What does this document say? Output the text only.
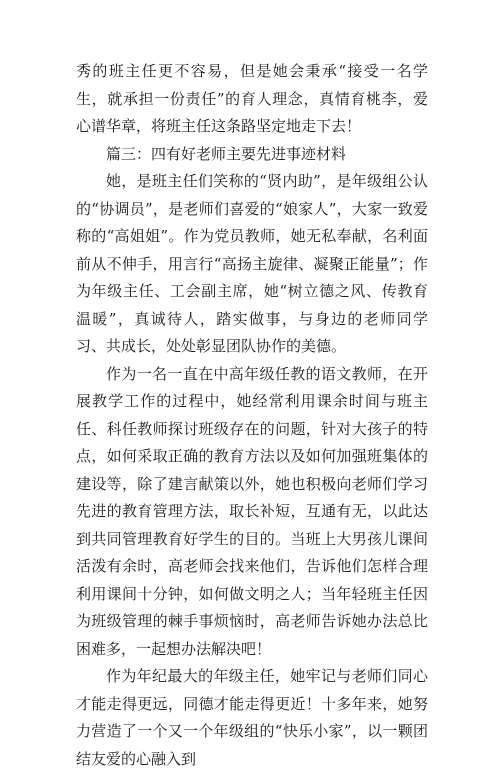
秀的班主任更不容易，但是她会秉承“接受一名学生，就承担一份责任”的育人理念，真情育桃李，爱心谱华章，将班主任这条路坚定地走下去！

篇三：四有好老师主要先进事迹材料

她，是班主任们笑称的“贤内助”，是年级组公认的“协调员”，是老师们喜爱的“娘家人”，大家一致爱称的“高姐姐”。作为党员教师，她无私奉献，名利面前从不伸手，用言行“高扬主旋律、凝聚正能量”；作为年级主任、工会副主席，她“树立德之风、传教育温暖”，真诚待人，踏实做事，与身边的老师同学习、共成长，处处彰显团队协作的美德。

作为一名一直在中高年级任教的语文教师，在开展教学工作的过程中，她经常利用课余时间与班主任、科任教师探讨班级存在的问题，针对大孩子的特点，如何采取正确的教育方法以及如何加强班集体的建设等，除了建言献策以外，她也积极向老师们学习先进的教育管理方法，取长补短，互通有无，以此达到共同管理教育好学生的目的。当班上大男孩儿课间活泼有余时，高老师会找来他们，告诉他们怎样合理利用课间十分钟，如何做文明之人；当年轻班主任因为班级管理的棘手事烦恼时，高老师告诉她办法总比困难多，一起想办法解决吧！

作为年纪最大的年级主任，她牢记与老师们同心才能走得更远，同德才能走得更近！十多年来，她努力营造了一个又一个年级组的“快乐小家”，以一颗团结友爱的心融入到
